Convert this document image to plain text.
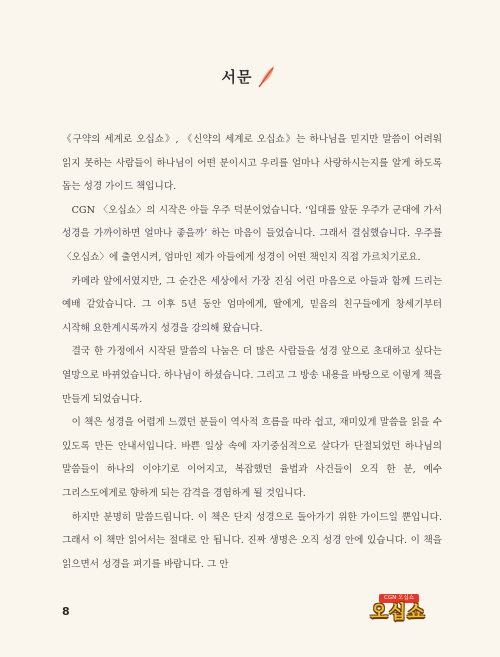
서문

《구약의 세계로 오십쇼》, 《신약의 세계로 오십쇼》는 하나님을 믿지만 말씀이 어려워 읽지 못하는 사람들이 하나님이 어떤 분이시고 우리를 얼마나 사랑하시는지를 알게 하도록 돕는 성경 가이드 책입니다.

CGN 〈오십쇼〉의 시작은 아들 우주 덕분이었습니다. ‘입대를 앞둔 우주가 군대에 가서 성경을 가까이하면 얼마나 좋을까’ 하는 마음이 들었습니다. 그래서 결심했습니다. 우주를 〈오십쇼〉에 출연시켜, 엄마인 제가 아들에게 성경이 어떤 책인지 직접 가르치기로요.

카메라 앞에서였지만, 그 순간은 세상에서 가장 진심 어린 마음으로 아들과 함께 드리는 예배 같았습니다. 그 이후 5년 동안 엄마에게, 딸에게, 믿음의 친구들에게 창세기부터 시작해 요한계시록까지 성경을 강의해 왔습니다.

결국 한 가정에서 시작된 말씀의 나눔은 더 많은 사람들을 성경 앞으로 초대하고 싶다는 열망으로 바뀌었습니다. 하나님이 하셨습니다. 그리고 그 방송 내용을 바탕으로 이렇게 책을 만들게 되었습니다.

이 책은 성경을 어렵게 느꼈던 분들이 역사적 흐름을 따라 쉽고, 재미있게 말씀을 읽을 수 있도록 만든 안내서입니다. 바쁜 일상 속에 자기중심적으로 살다가 단절되었던 하나님의 말씀들이 하나의 이야기로 이어지고, 복잡했던 율법과 사건들이 오직 한 분, 예수 그리스도에게로 향하게 되는 감격을 경험하게 될 것입니다.

하지만 분명히 말씀드립니다. 이 책은 단지 성경으로 돌아가기 위한 가이드일 뿐입니다. 그래서 이 책만 읽어서는 절대로 안 됩니다. 진짜 생명은 오직 성경 안에 있습니다. 이 책을 읽으면서 성경을 펴기를 바랍니다. 그 안

8
CGN 오십쇼
오십쇼
